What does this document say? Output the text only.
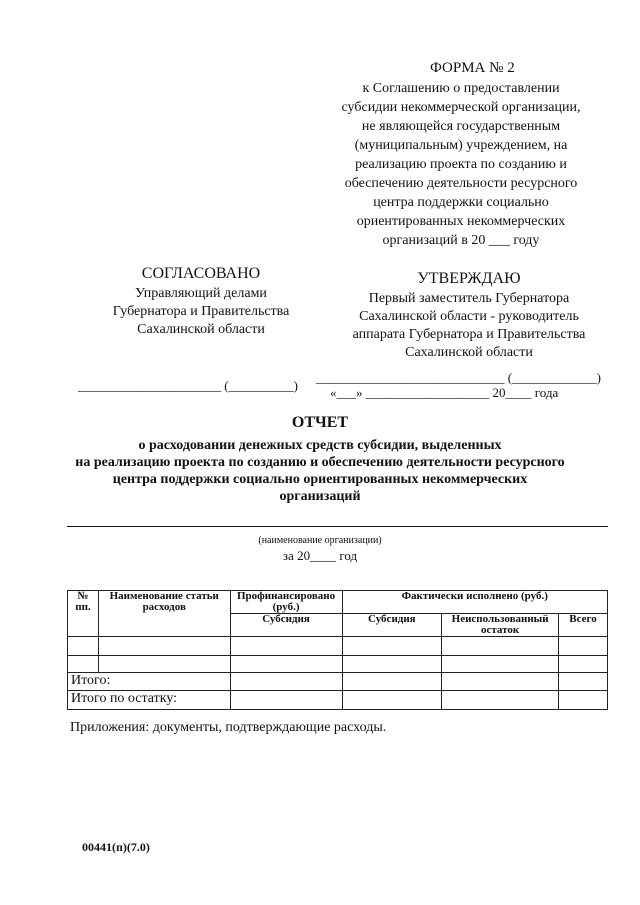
ФОРМА № 2
к Соглашению о предоставлении
субсидии некоммерческой организации,
не являющейся государственным
(муниципальным) учреждением, на
реализацию проекта по созданию и
обеспечению деятельности ресурсного
центра поддержки социально
ориентированных некоммерческих
организаций в 20 ___ году
СОГЛАСОВАНО
Управляющий делами
Губернатора и Правительства
Сахалинской области
УТВЕРЖДАЮ
Первый заместитель Губернатора
Сахалинской области - руководитель
аппарата Губернатора и Правительства
Сахалинской области
______________________ (__________)
_____________________________ (_____________)
«___» ___________________ 20____ года
ОТЧЕТ
о расходовании денежных средств субсидии, выделенных
на реализацию проекта по созданию и обеспечению деятельности ресурсного
центра поддержки социально ориентированных некоммерческих
организаций
(наименование организации)
за 20____ год
№ пп.	Наименование статьи расходов	Профинансировано (руб.)	Фактически исполнено (руб.)		
		Субсидия	Субсидия	Неиспользованный остаток	Всего

Итого:					
Итого по остатку:					
Приложения: документы, подтверждающие расходы.
00441(п)(7.0)
